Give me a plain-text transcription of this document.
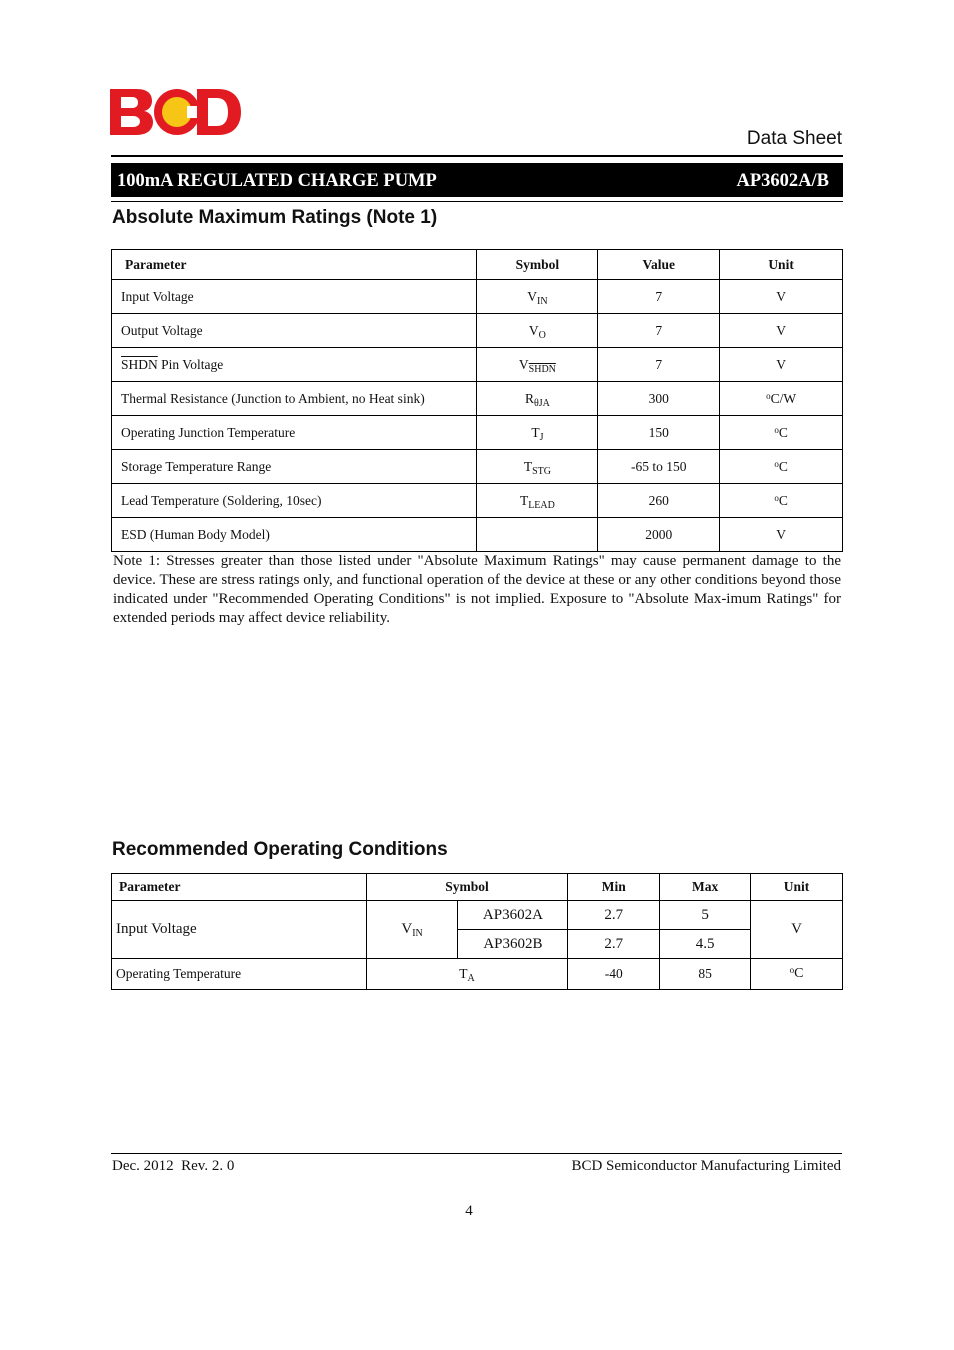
Data Sheet
100mA REGULATED CHARGE PUMP	AP3602A/B
Absolute Maximum Ratings (Note 1)
Parameter	Symbol	Value	Unit
Input Voltage	$V_{IN}$	7	V
Output Voltage	$V_O$	7	V
SHDN Pin Voltage	$V_{SHDN}$	7	V
Thermal Resistance (Junction to Ambient, no Heat sink)	$R_{\theta JA}$	300	$^o$C/W
Operating Junction Temperature	$T_J$	150	$^o$C
Storage Temperature Range	$T_{STG}$	-65 to 150	$^o$C
Lead Temperature (Soldering, 10sec)	$T_{LEAD}$	260	$^o$C
ESD (Human Body Model)		2000	V
Note 1: Stresses greater than those listed under "Absolute Maximum Ratings" may cause permanent damage to the device. These are stress ratings only, and functional operation of the device at these or any other conditions beyond those indicated under "Recommended Operating Conditions" is not implied. Exposure to "Absolute Max-imum Ratings" for extended periods may affect device reliability.
Recommended Operating Conditions
Parameter	Symbol		Min	Max	Unit
Input Voltage	$V_{IN}$	AP3602A	2.7	5	V
		AP3602B	2.7	4.5	
Operating Temperature	$T_A$		-40	85	$^o$C
Dec. 2012  Rev. 2. 0	BCD Semiconductor Manufacturing Limited
4
